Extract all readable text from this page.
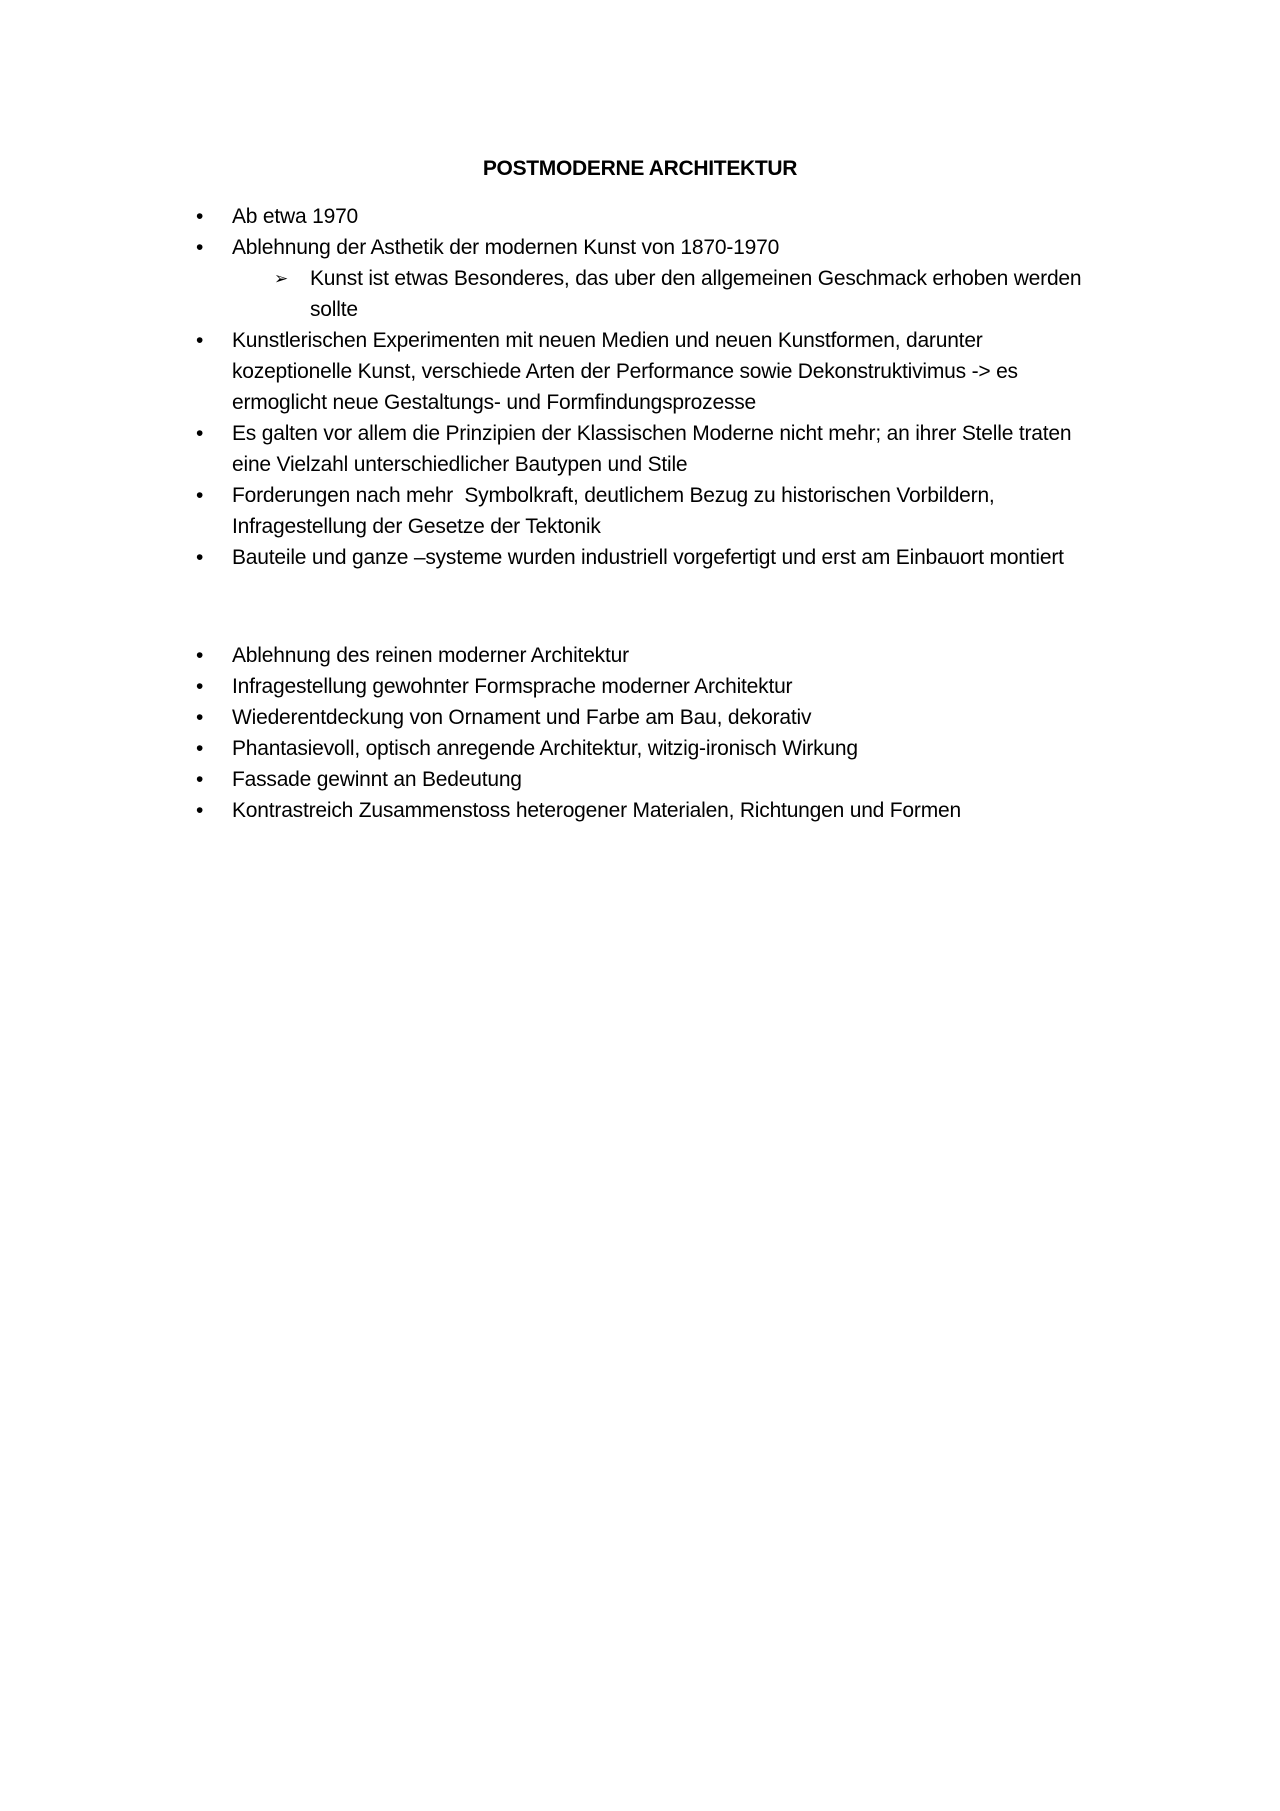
POSTMODERNE ARCHITEKTUR
•	Ab etwa 1970
•	Ablehnung der Asthetik der modernen Kunst von 1870-1970
➢ Kunst ist etwas Besonderes, das uber den allgemeinen Geschmack erhoben werden
sollte
•	Kunstlerischen Experimenten mit neuen Medien und neuen Kunstformen, darunter
kozeptionelle Kunst, verschiede Arten der Performance sowie Dekonstruktivimus -> es
ermoglicht neue Gestaltungs- und Formfindungsprozesse
•	Es galten vor allem die Prinzipien der Klassischen Moderne nicht mehr; an ihrer Stelle traten
eine Vielzahl unterschiedlicher Bautypen und Stile
•	Forderungen nach mehr  Symbolkraft, deutlichem Bezug zu historischen Vorbildern,
Infragestellung der Gesetze der Tektonik
•	Bauteile und ganze –systeme wurden industriell vorgefertigt und erst am Einbauort montiert
•	Ablehnung des reinen moderner Architektur
•	Infragestellung gewohnter Formsprache moderner Architektur
•	Wiederentdeckung von Ornament und Farbe am Bau, dekorativ
•	Phantasievoll, optisch anregende Architektur, witzig-ironisch Wirkung
•	Fassade gewinnt an Bedeutung
•	Kontrastreich Zusammenstoss heterogener Materialen, Richtungen und Formen
